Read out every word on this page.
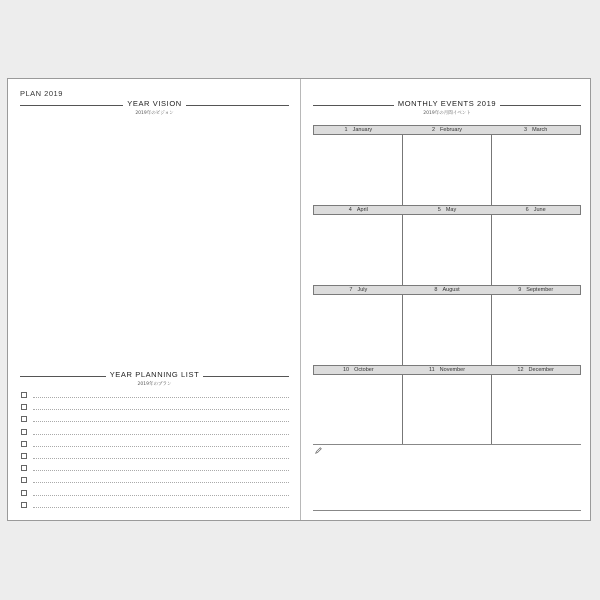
PLAN 2019
YEAR VISION
2019年のビジョン
YEAR PLANNING LIST
2019年のプラン
MONTHLY EVENTS 2019
2019年の月間イベント
1 January	2 February	3 March
4 April	5 May	6 June
7 July	8 August	9 September
10 October	11 November	12 December
